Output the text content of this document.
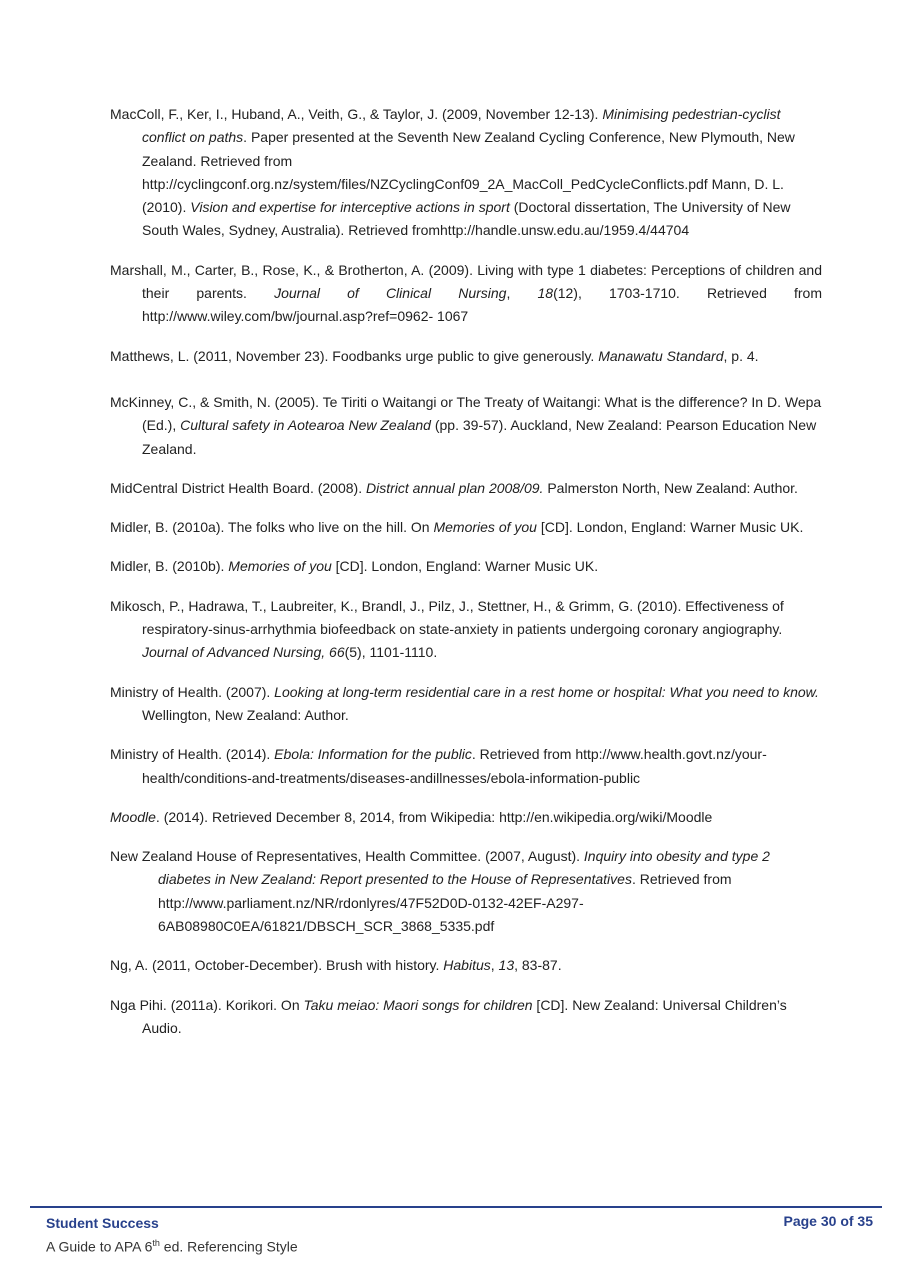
MacColl, F., Ker, I., Huband, A., Veith, G., & Taylor, J. (2009, November 12-13). Minimising pedestrian-cyclist conflict on paths. Paper presented at the Seventh New Zealand Cycling Conference, New Plymouth, New Zealand. Retrieved from http://cyclingconf.org.nz/system/files/NZCyclingConf09_2A_MacColl_PedCycleConflicts.pdf Mann, D. L. (2010). Vision and expertise for interceptive actions in sport (Doctoral dissertation, The University of New South Wales, Sydney, Australia). Retrieved fromhttp://handle.unsw.edu.au/1959.4/44704

Marshall, M., Carter, B., Rose, K., & Brotherton, A. (2009). Living with type 1 diabetes: Perceptions of children and their parents. Journal of Clinical Nursing, 18(12), 1703-1710. Retrieved from http://www.wiley.com/bw/journal.asp?ref=0962- 1067

Matthews, L. (2011, November 23). Foodbanks urge public to give generously. Manawatu Standard, p. 4.

McKinney, C., & Smith, N. (2005). Te Tiriti o Waitangi or The Treaty of Waitangi: What is the difference? In D. Wepa (Ed.), Cultural safety in Aotearoa New Zealand (pp. 39-57). Auckland, New Zealand: Pearson Education New Zealand.

MidCentral District Health Board. (2008). District annual plan 2008/09. Palmerston North, New Zealand: Author.

Midler, B. (2010a). The folks who live on the hill. On Memories of you [CD]. London, England: Warner Music UK.

Midler, B. (2010b). Memories of you [CD]. London, England: Warner Music UK.

Mikosch, P., Hadrawa, T., Laubreiter, K., Brandl, J., Pilz, J., Stettner, H., & Grimm, G. (2010). Effectiveness of respiratory-sinus-arrhythmia biofeedback on state-anxiety in patients undergoing coronary angiography. Journal of Advanced Nursing, 66(5), 1101-1110.

Ministry of Health. (2007). Looking at long-term residential care in a rest home or hospital: What you need to know. Wellington, New Zealand: Author.

Ministry of Health. (2014). Ebola: Information for the public. Retrieved from http://www.health.govt.nz/your-health/conditions-and-treatments/diseases-andillnesses/ebola-information-public

Moodle. (2014). Retrieved December 8, 2014, from Wikipedia: http://en.wikipedia.org/wiki/Moodle

New Zealand House of Representatives, Health Committee. (2007, August). Inquiry into obesity and type 2 diabetes in New Zealand: Report presented to the House of Representatives. Retrieved from http://www.parliament.nz/NR/rdonlyres/47F52D0D-0132-42EF-A297-6AB08980C0EA/61821/DBSCH_SCR_3868_5335.pdf

Ng, A. (2011, October-December). Brush with history. Habitus, 13, 83-87.

Nga Pihi. (2011a). Korikori. On Taku meiao: Maori songs for children [CD]. New Zealand: Universal Children’s Audio.

Student Success
A Guide to APA 6th ed. Referencing Style
Page 30 of 35
